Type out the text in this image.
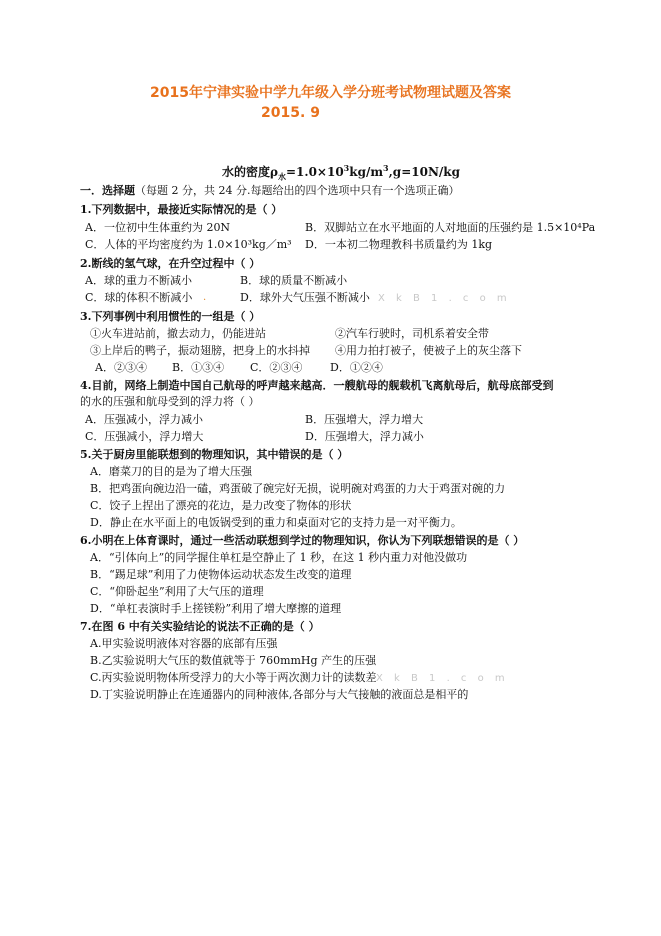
2015年宁津实验中学九年级入学分班考试物理试题及答案
2015. 9
水的密度$\rho_水=1.0\times 10^3kg/m^3,g=10N/kg$
一．选择题（每题 2 分，共 24 分.每题给出的四个选项中只有一个选项正确）
1.下列数据中，最接近实际情况的是（ ）
A．一位初中生体重约为 20N	B．双脚站立在水平地面的人对地面的压强约是 1.5×10⁴Pa
C．人体的平均密度约为 1.0×10³kg／m³ D．一本初二物理教科书质量约为 1kg
2.断线的氢气球，在升空过程中（ ）
A．球的重力不断减小	B．球的质量不断减小
C．球的体积不断减小 .	D．球外大气压强不断减小 X k B 1 . c o m
3.下列事例中利用惯性的一组是（ ）
①火车进站前，撤去动力，仍能进站	②汽车行驶时，司机系着安全带
③上岸后的鸭子，振动翅膀，把身上的水抖掉 ④用力拍打被子，使被子上的灰尘落下
A．②③④ B．①③④ C．②③④	D．①②④
4.目前，网络上制造中国自己航母的呼声越来越高．一艘航母的舰载机飞离航母后，航母底部受到
的水的压强和航母受到的浮力将（ ）
A．压强减小，浮力减小	B．压强增大，浮力增大
C．压强减小，浮力增大	D．压强增大，浮力减小
5.关于厨房里能联想到的物理知识，其中错误的是（ ）
A．磨菜刀的目的是为了增大压强
B．把鸡蛋向碗边沿一磕，鸡蛋破了碗完好无损，说明碗对鸡蛋的力大于鸡蛋对碗的力
C．饺子上捏出了漂亮的花边，是力改变了物体的形状
D．静止在水平面上的电饭锅受到的重力和桌面对它的支持力是一对平衡力。
6.小明在上体育课时，通过一些活动联想到学过的物理知识，你认为下列联想错误的是（ ）
A．“引体向上”的同学握住单杠是空静止了 1 秒，在这 1 秒内重力对他没做功
B．“踢足球”利用了力使物体运动状态发生改变的道理
C．“仰卧起坐”利用了大气压的道理
D．“单杠表演时手上搓镁粉”利用了增大摩擦的道理
7.在图 6 中有关实验结论的说法不正确的是（ ）
A.甲实验说明液体对容器的底部有压强
B.乙实验说明大气压的数值就等于 760mmHg 产生的压强
C.丙实验说明物体所受浮力的大小等于两次测力计的读数差 X k B 1 . c o m
D.丁实验说明静止在连通器内的同种液体,各部分与大气接触的液面总是相平的
